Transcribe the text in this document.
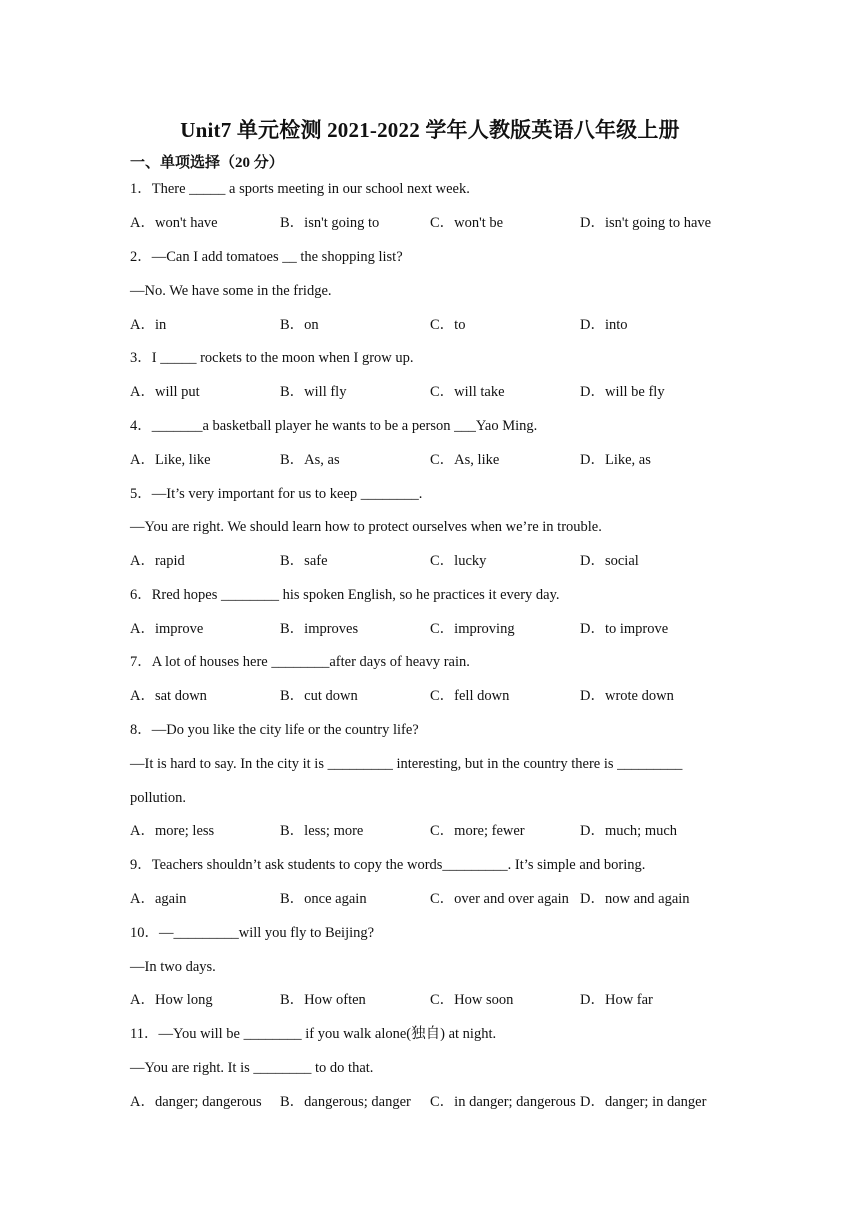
Unit7 单元检测 2021-2022 学年人教版英语八年级上册
一、单项选择（20 分）
1．There _____ a sports meeting in our school next week.
A．won't have	B．isn't going to	C．won't be	D．isn't going to have
2．—Can I add tomatoes __ the shopping list?
—No. We have some in the fridge.
A．in	B．on	C．to	D．into
3．I _____ rockets to the moon when I grow up.
A．will put	B．will fly	C．will take	D．will be fly
4．_______a basketball player he wants to be a person ___Yao Ming.
A．Like, like	B．As, as	C．As, like	D．Like, as
5．—It’s very important for us to keep ________.
—You are right. We should learn how to protect ourselves when we’re in trouble.
A．rapid	B．safe	C．lucky	D．social
6．Rred hopes ________ his spoken English, so he practices it every day.
A．improve	B．improves	C．improving	D．to improve
7．A lot of houses here ________after days of heavy rain.
A．sat down	B．cut down	C．fell down	D．wrote down
8．—Do you like the city life or the country life?
—It is hard to say. In the city it is _________ interesting, but in the country there is _________
pollution.
A．more; less	B．less; more	C．more; fewer	D．much; much
9．Teachers shouldn’t ask students to copy the words_________. It’s simple and boring.
A．again	B．once again	C．over and over again D．now and again
10．—_________will you fly to Beijing?
—In two days.
A．How long	B．How often	C．How soon	D．How far
11．—You will be ________ if you walk alone(独自) at night.
—You are right. It is ________ to do that.
A．danger; dangerous B．dangerous; danger C．in danger; dangerous D．danger; in danger
